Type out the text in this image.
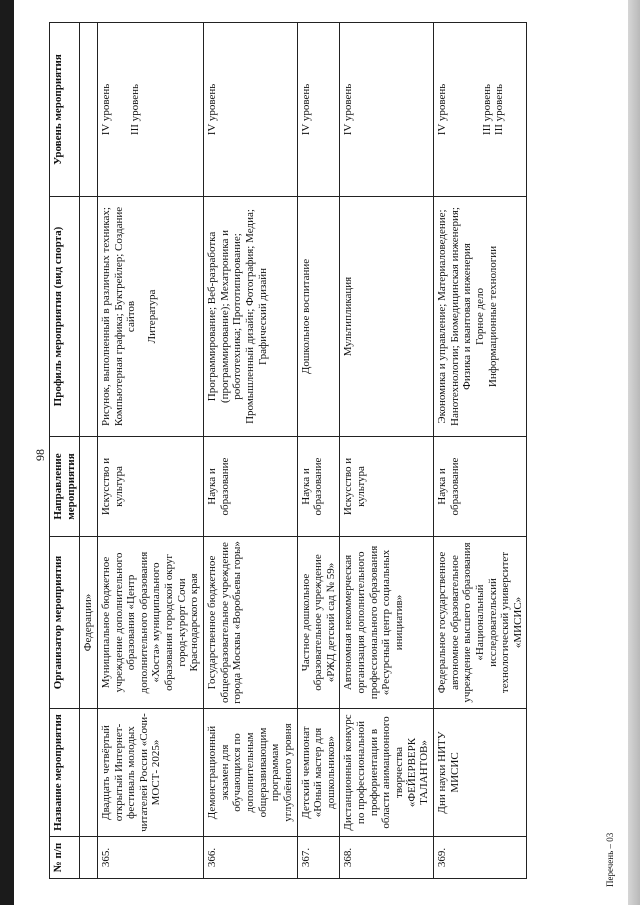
98
№ п/п	Название мероприятия	Организатор мероприятия	Направление мероприятия	Профиль мероприятия (вид спорта)	Уровень мероприятия
		Федерации»			
365.	Двадцать четвёртый открытый Интернет-фестиваль молодых читателей России «Сочи-МОСТ- 2025»	Муниципальное бюджетное учреждение дополнительного образования «Центр дополнительного образования «Хоста» муниципального образования городской округ город-курорт Сочи Краснодарского края	Искусство и культура	Рисунок, выполненный в различных техниках; Компьютерная графика; Буктрейлер; Создание сайтов Литература	IV уровень III уровень

366.	Демонстрационный экзамен для обучающихся по дополнительным общеразвивающим программам углублённого уровня	Государственное бюджетное общеобразовательное учреждение города Москвы «Воробьевы горы»	Наука и образование	Программирование; Веб-разработка (программирование); Мехатроника и робототехника; Прототипирование; Промышленный дизайн; Фотография; Медиа; Графический дизайн	IV уровень
367.	Детский чемпионат «Юный мастер для дошкольников»	Частное дошкольное образовательное учреждение «РЖД детский сад № 59»	Наука и образование	Дошкольное воспитание	IV уровень
368.	Дистанционный конкурс по профессиональной профориентации в области анимационного творчества «ФЕЙЕРВЕРК ТАЛАНТОВ»	Автономная некоммерческая организация дополнительного профессионального образования «Ресурсный центр социальных инициатив»	Искусство и культура	Мультипликация	IV уровень
369.	Дни науки НИТУ МИСИС	Федеральное государственное автономное образовательное учреждение высшего образования «Национальный исследовательский технологический университет «МИСИС»	Наука и образование	Экономика и управление; Материаловедение; Нанотехнологии; Биомедицинская инженерия; Физика и квантовая инженерия Горное дело Информационные технологии	IV уровень III уровень III уровень
Перечень – 03
